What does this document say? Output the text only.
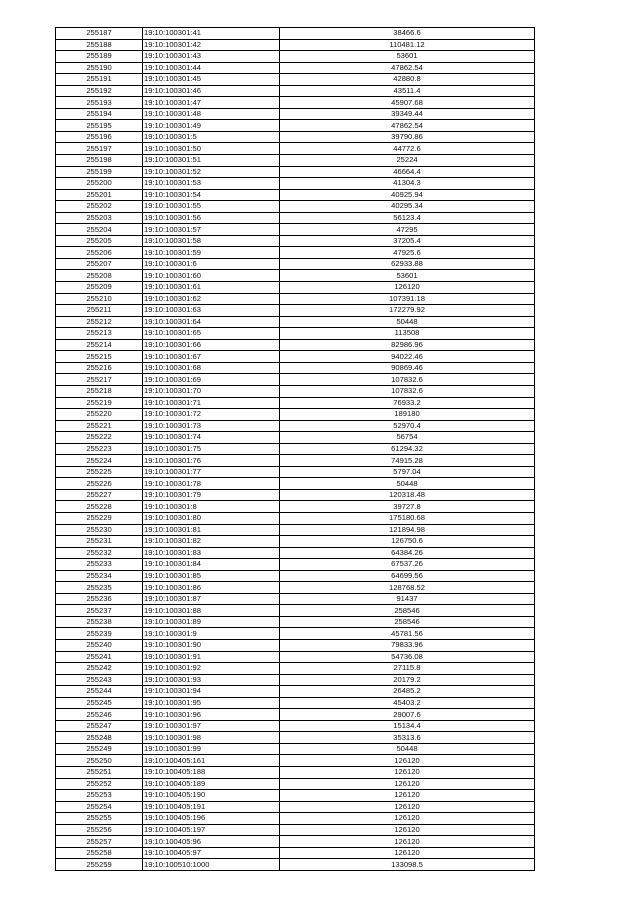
255187	19:10:100301:41	38466.6
255188	19:10:100301:42	110481.12
255189	19:10:100301:43	53601
255190	19:10:100301:44	47862.54
255191	19:10:100301:45	42880.8
255192	19:10:100301:46	43511.4
255193	19:10:100301:47	45907.68
255194	19:10:100301:48	39349.44
255195	19:10:100301:49	47862.54
255196	19:10:100301:5	39790.86
255197	19:10:100301:50	44772.6
255198	19:10:100301:51	25224
255199	19:10:100301:52	46664.4
255200	19:10:100301:53	41304.3
255201	19:10:100301:54	40925.94
255202	19:10:100301:55	40295.34
255203	19:10:100301:56	56123.4
255204	19:10:100301:57	47295
255205	19:10:100301:58	37205.4
255206	19:10:100301:59	47925.6
255207	19:10:100301:6	62933.88
255208	19:10:100301:60	53601
255209	19:10:100301:61	126120
255210	19:10:100301:62	107391.18
255211	19:10:100301:63	172279.92
255212	19:10:100301:64	50448
255213	19:10:100301:65	113508
255214	19:10:100301:66	82986.96
255215	19:10:100301:67	94022.46
255216	19:10:100301:68	90869.46
255217	19:10:100301:69	107832.6
255218	19:10:100301:70	107832.6
255219	19:10:100301:71	76933.2
255220	19:10:100301:72	189180
255221	19:10:100301:73	52970.4
255222	19:10:100301:74	56754
255223	19:10:100301:75	61294.32
255224	19:10:100301:76	74915.28
255225	19:10:100301:77	5797.04
255226	19:10:100301:78	50448
255227	19:10:100301:79	120318.48
255228	19:10:100301:8	39727.8
255229	19:10:100301:80	175180.68
255230	19:10:100301:81	121894.98
255231	19:10:100301:82	126750.6
255232	19:10:100301:83	64384.26
255233	19:10:100301:84	67537.26
255234	19:10:100301:85	64699.56
255235	19:10:100301:86	128768.52
255236	19:10:100301:87	91437
255237	19:10:100301:88	258546
255238	19:10:100301:89	258546
255239	19:10:100301:9	45781.56
255240	19:10:100301:90	79833.96
255241	19:10:100301:91	54736.08
255242	19:10:100301:92	27115.8
255243	19:10:100301:93	20179.2
255244	19:10:100301:94	26485.2
255245	19:10:100301:95	45403.2
255246	19:10:100301:96	29007.6
255247	19:10:100301:97	15134.4
255248	19:10:100301:98	35313.6
255249	19:10:100301:99	50448
255250	19:10:100405:161	126120
255251	19:10:100405:188	126120
255252	19:10:100405:189	126120
255253	19:10:100405:190	126120
255254	19:10:100405:191	126120
255255	19:10:100405:196	126120
255256	19:10:100405:197	126120
255257	19:10:100405:96	126120
255258	19:10:100405:97	126120
255259	19:10:100510:1000	133098.5
